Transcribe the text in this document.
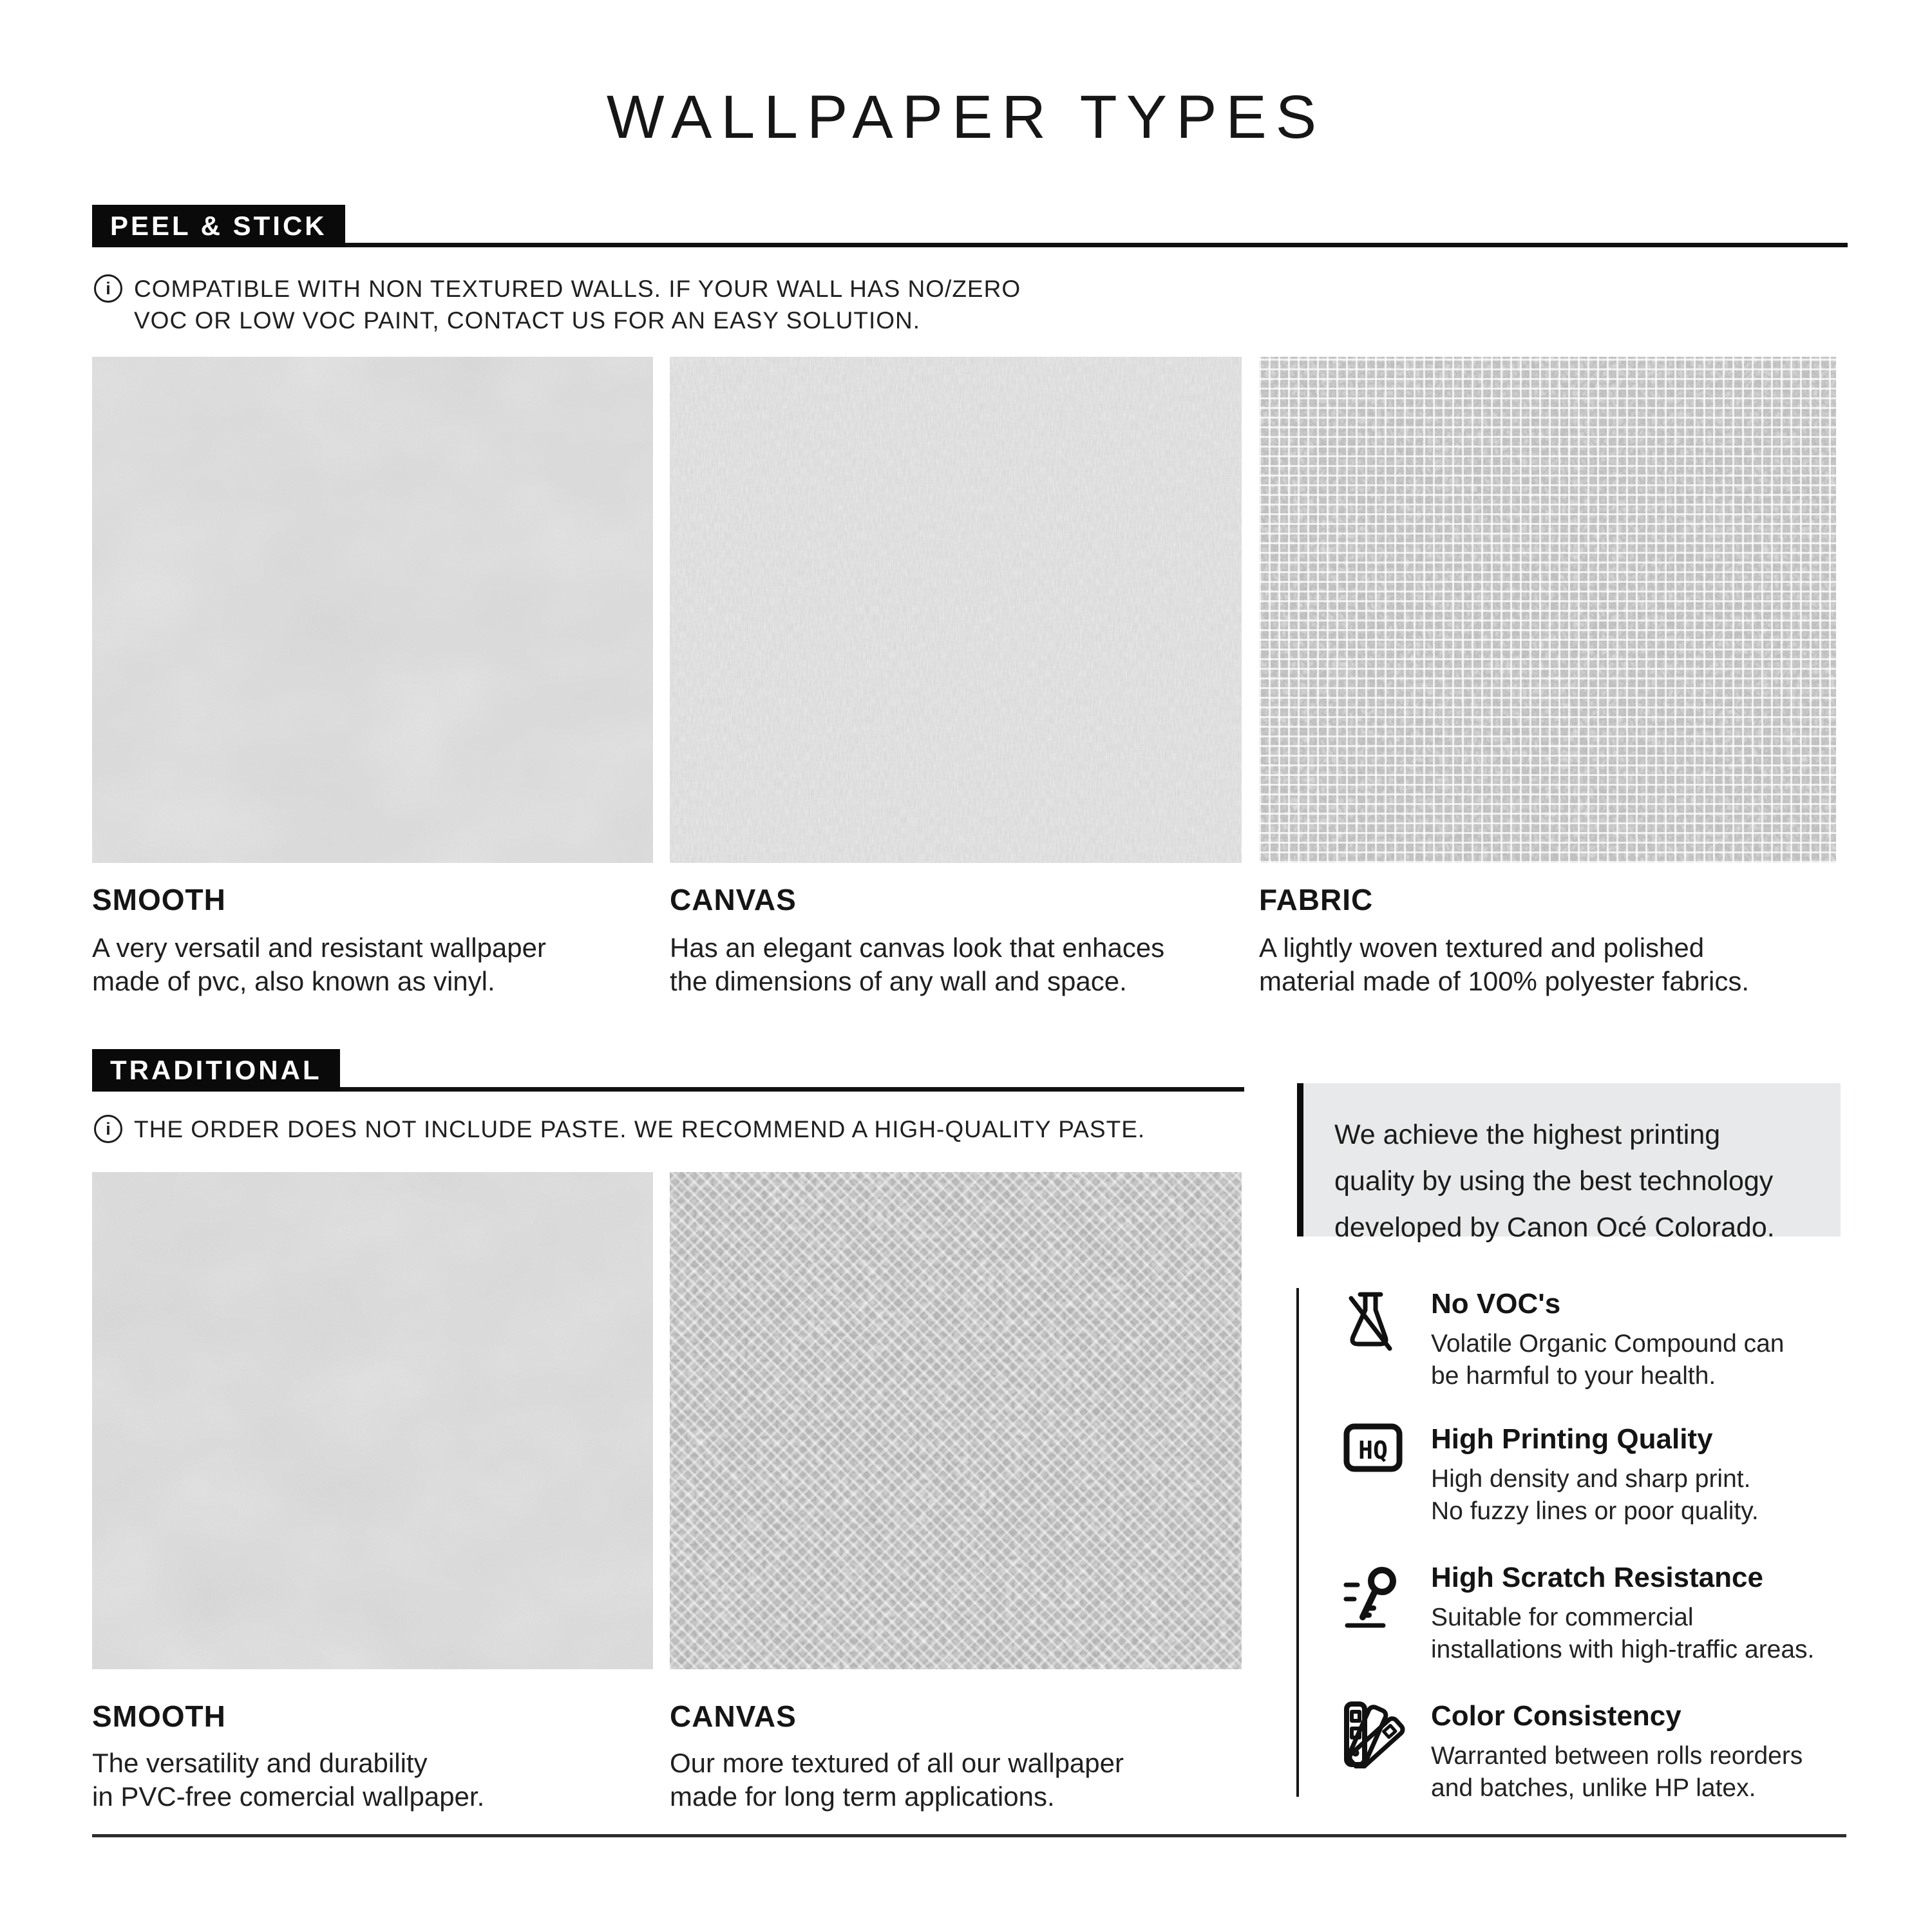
WALLPAPER TYPES
PEEL & STICK
i COMPATIBLE WITH NON TEXTURED WALLS. IF YOUR WALL HAS NO/ZERO
VOC OR LOW VOC PAINT, CONTACT US FOR AN EASY SOLUTION.
SMOOTH
A very versatil and resistant wallpaper
made of pvc, also known as vinyl.
CANVAS
Has an elegant canvas look that enhaces
the dimensions of any wall and space.
FABRIC
A lightly woven textured and polished
material made of 100% polyester fabrics.
TRADITIONAL
i THE ORDER DOES NOT INCLUDE PASTE. WE RECOMMEND A HIGH-QUALITY PASTE.
SMOOTH
The versatility and durability
in PVC-free comercial wallpaper.
CANVAS
Our more textured of all our wallpaper
made for long term applications.
We achieve the highest printing
quality by using the best technology
developed by Canon Océ Colorado.
No VOC's
Volatile Organic Compound can
be harmful to your health.
HQ High Printing Quality
High density and sharp print.
No fuzzy lines or poor quality.
High Scratch Resistance
Suitable for commercial
installations with high-traffic areas.
Color Consistency
Warranted between rolls reorders
and batches, unlike HP latex.
